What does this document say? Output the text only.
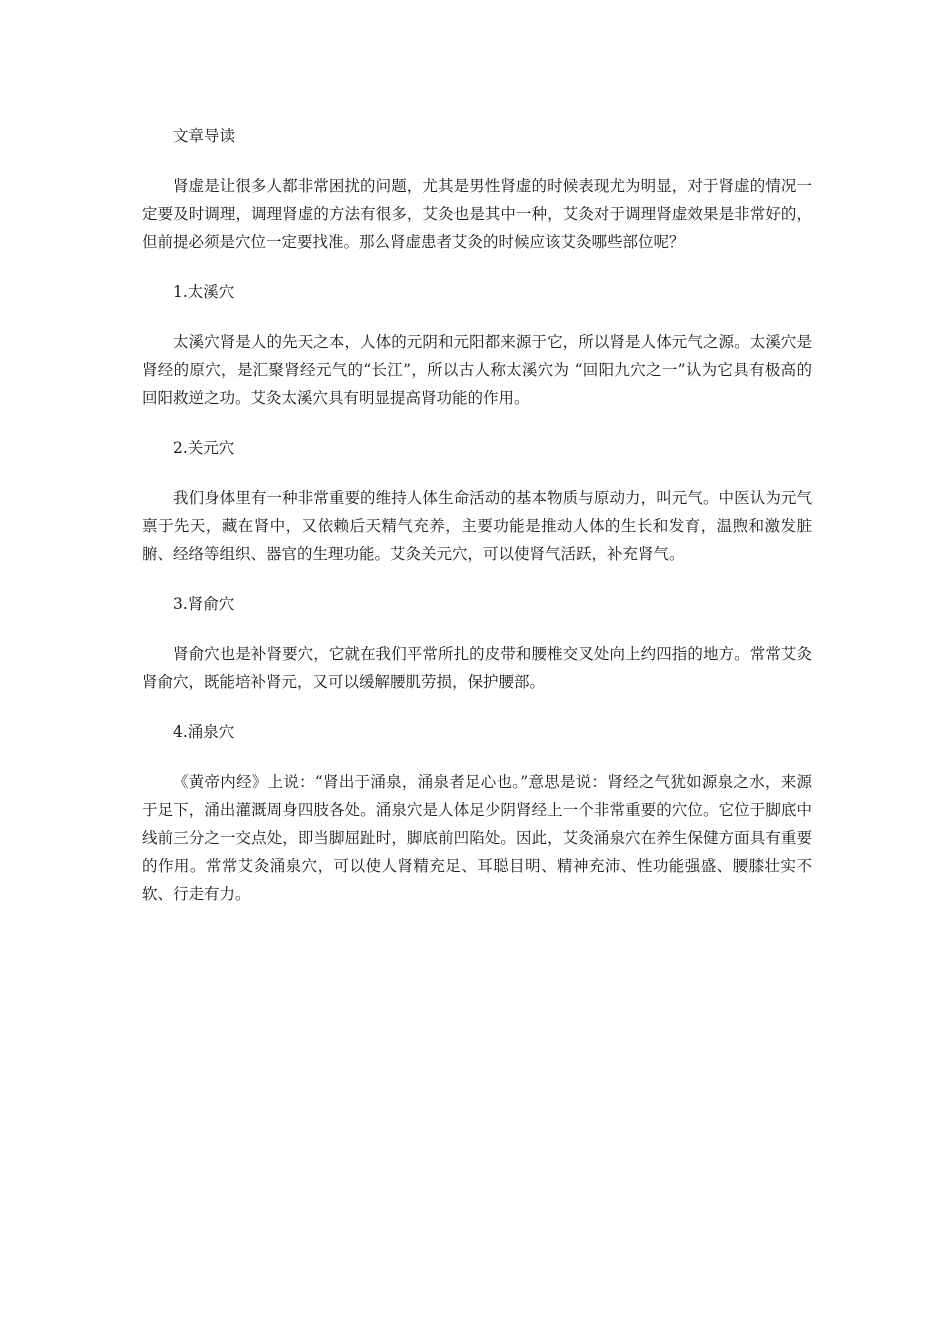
文章导读

肾虚是让很多人都非常困扰的问题，尤其是男性肾虚的时候表现尤为明显，对于肾虚的情况一定要及时调理，调理肾虚的方法有很多，艾灸也是其中一种，艾灸对于调理肾虚效果是非常好的，但前提必须是穴位一定要找准。那么肾虚患者艾灸的时候应该艾灸哪些部位呢？

1.太溪穴

太溪穴肾是人的先天之本，人体的元阴和元阳都来源于它，所以肾是人体元气之源。太溪穴是肾经的原穴，是汇聚肾经元气的“长江”，所以古人称太溪穴为 “回阳九穴之一”认为它具有极高的回阳救逆之功。艾灸太溪穴具有明显提高肾功能的作用。

2.关元穴

我们身体里有一种非常重要的维持人体生命活动的基本物质与原动力，叫元气。中医认为元气禀于先天，藏在肾中，又依赖后天精气充养，主要功能是推动人体的生长和发育，温煦和激发脏腑、经络等组织、器官的生理功能。艾灸关元穴，可以使肾气活跃，补充肾气。

3.肾俞穴

肾俞穴也是补肾要穴，它就在我们平常所扎的皮带和腰椎交叉处向上约四指的地方。常常艾灸肾俞穴，既能培补肾元，又可以缓解腰肌劳损，保护腰部。

4.涌泉穴

《黄帝内经》上说：“肾出于涌泉，涌泉者足心也。”意思是说：肾经之气犹如源泉之水，来源于足下，涌出灌溉周身四肢各处。涌泉穴是人体足少阴肾经上一个非常重要的穴位。它位于脚底中线前三分之一交点处，即当脚屈趾时，脚底前凹陷处。因此，艾灸涌泉穴在养生保健方面具有重要的作用。常常艾灸涌泉穴，可以使人肾精充足、耳聪目明、精神充沛、性功能强盛、腰膝壮实不软、行走有力。
